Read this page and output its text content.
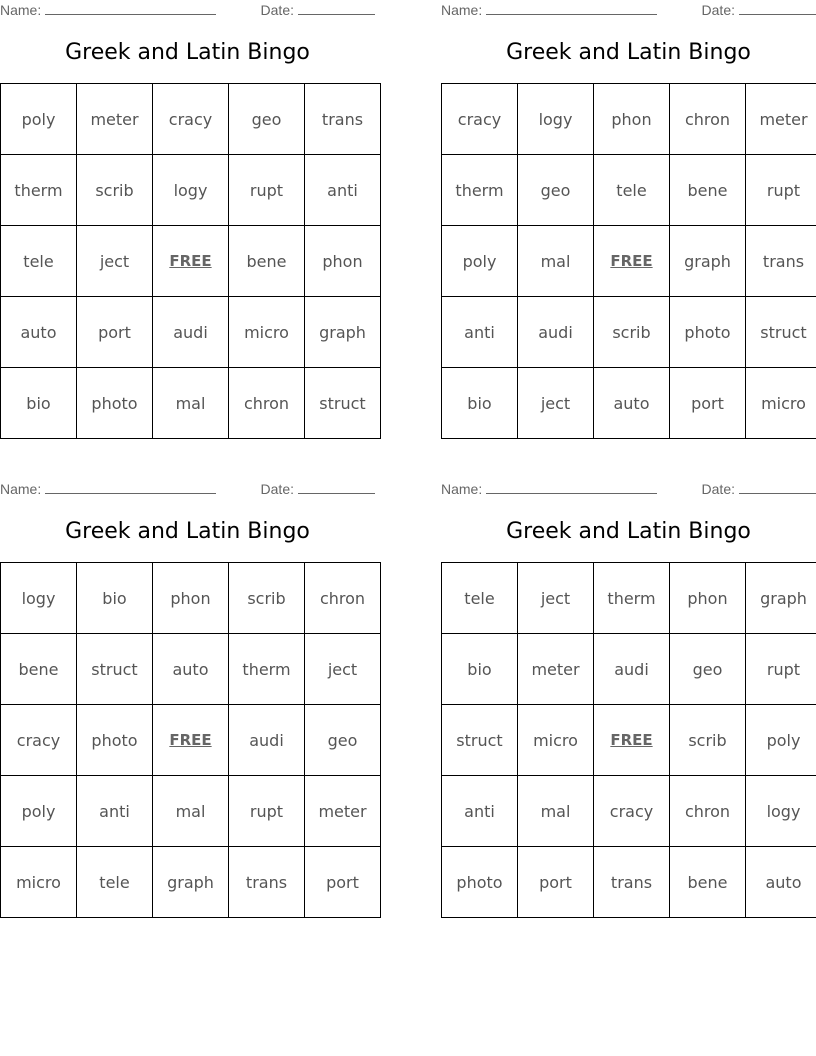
Name:	Date:
Greek and Latin Bingo
poly	meter	cracy	geo	trans
therm	scrib	logy	rupt	anti
tele	ject	FREE	bene	phon
auto	port	audi	micro	graph
bio	photo	mal	chron	struct
Name:	Date:
Greek and Latin Bingo
cracy	logy	phon	chron	meter
therm	geo	tele	bene	rupt
poly	mal	FREE	graph	trans
anti	audi	scrib	photo	struct
bio	ject	auto	port	micro
Name:	Date:
Greek and Latin Bingo
logy	bio	phon	scrib	chron
bene	struct	auto	therm	ject
cracy	photo	FREE	audi	geo
poly	anti	mal	rupt	meter
micro	tele	graph	trans	port
Name:	Date:
Greek and Latin Bingo
tele	ject	therm	phon	graph
bio	meter	audi	geo	rupt
struct	micro	FREE	scrib	poly
anti	mal	cracy	chron	logy
photo	port	trans	bene	auto
